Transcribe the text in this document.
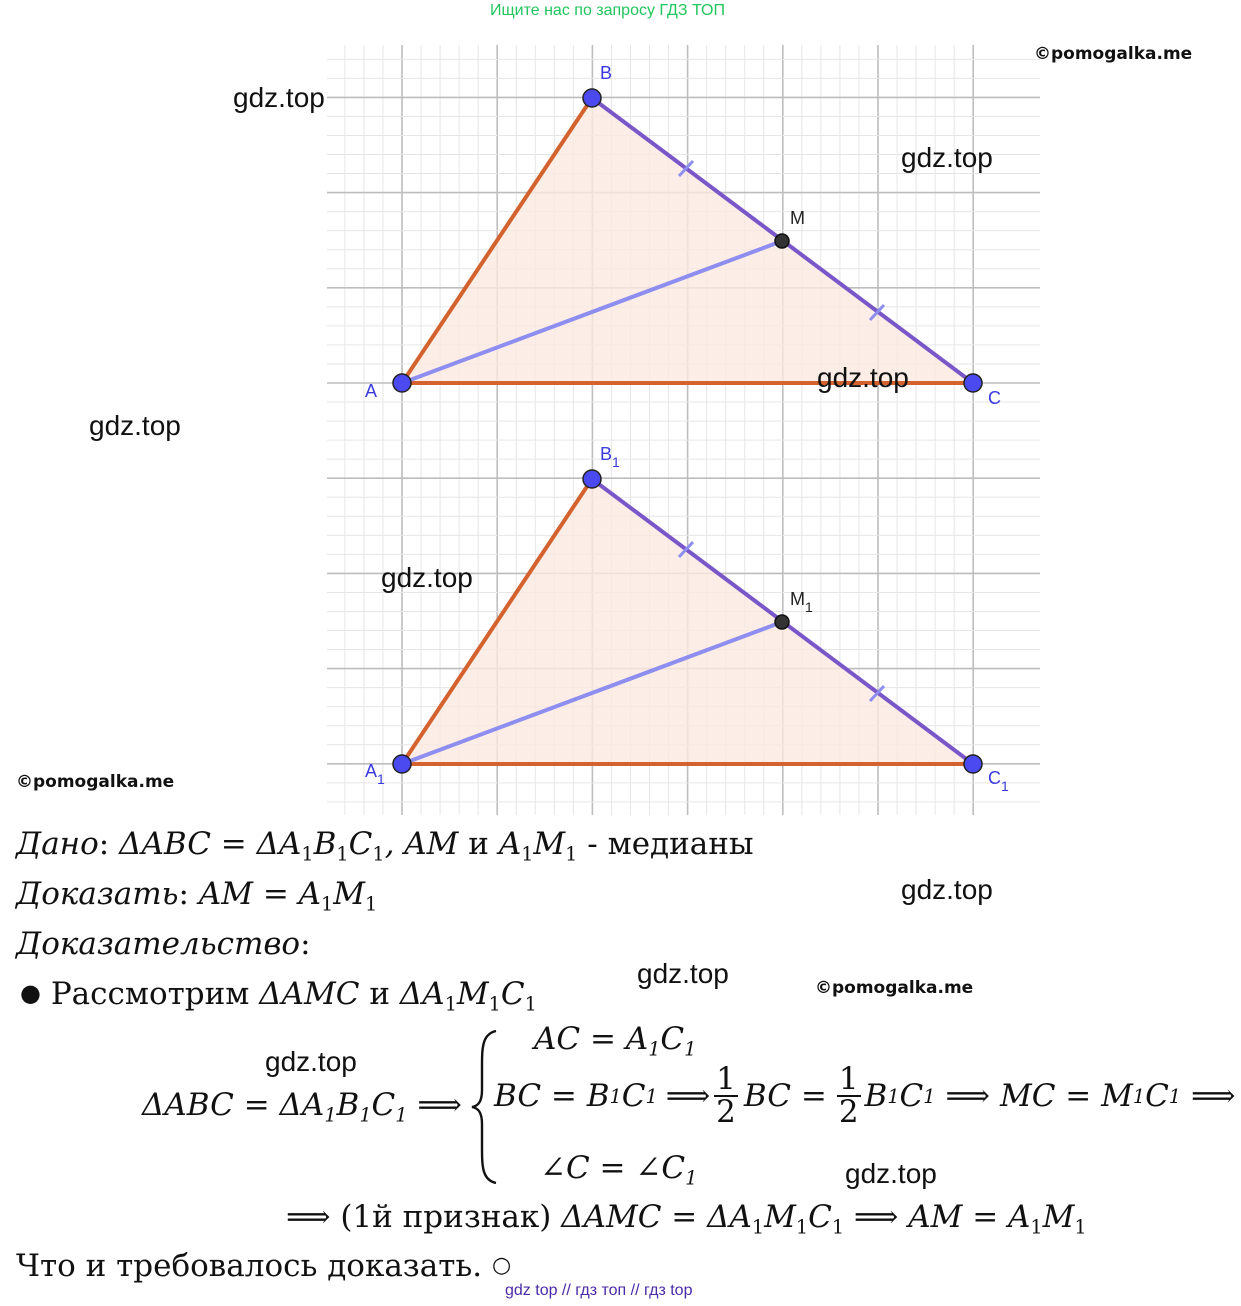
Ищите нас по запросу ГДЗ ТОП
A
B
C
M
$A_1$
$B_1$
$C_1$
$M_1$
gdz.top
gdz.top
gdz.top
gdz.top
gdz.top
gdz.top
gdz.top
gdz.top
gdz.top
©pomogalka.me
©pomogalka.me
©pomogalka.me
Дано: $\Delta ABC = \Delta A_1B_1C_1$, AM и $A_1M_1$ - медианы
Доказать: AM = $A_1M_1$
Доказательство:
● Рассмотрим ΔAMC и $\Delta A_1M_1C_1$
$\Delta ABC = \Delta A_1B_1C_1$ ⟹
AC = $A_1C_1$
BC = B 1 C 1 ⟹ $\frac{1}{2}$ BC = $\frac{1}{2}$ B 1 C 1 ⟹ MC = M 1 C 1 ⟹
∠C = $\angle C_1$
⟹ (1й признак) $\Delta AMC = \Delta A_1M_1C_1$ ⟹ AM = $A_1M_1$
Что и требовалось доказать. ○
gdz top // гдз топ // гдз top
